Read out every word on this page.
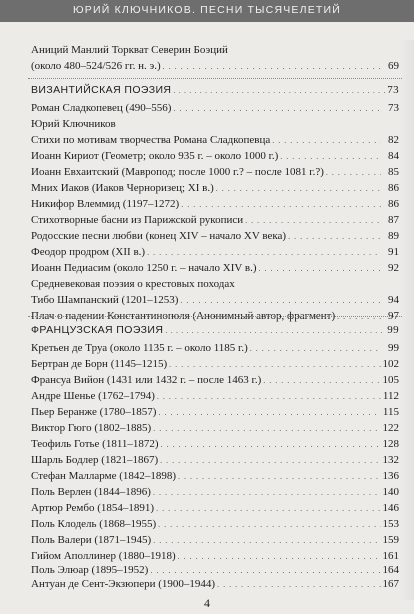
ЮРИЙ КЛЮЧНИКОВ. ПЕСНИ ТЫСЯЧЕЛЕТИЙ
Аниций Манлий Торкват Северин Боэций
(около 480–524/526 гг. н. э.) . . .	69
ВИЗАНТИЙСКАЯ ПОЭЗИЯ . . .	73
Роман Сладкопевец (490–556) . . .	73
Юрий Ключников
Стихи по мотивам творчества Романа Сладкопевца . . .	82
Иоанн Кириот (Геометр; около 935 г. – около 1000 г.) . . .	84
Иоанн Евхаитский (Мавропод; после 1000 г.? – после 1081 г.?) . . .	85
Мних Иаков (Иаков Черноризец; XI в.) . . .	86
Никифор Влеммид (1197–1272) . . .	86
Стихотворные басни из Парижской рукописи . . .	87
Родосские песни любви (конец XIV – начало XV века) . . .	89
Феодор продром (XII в.) . . .	91
Иоанн Педиасим (около 1250 г. – начало XIV в.) . . .	92
Средневековая поэзия о крестовых походах
Тибо Шампанский (1201–1253) . . .	94
Плач о падении Константинополя (Анонимный автор, фрагмент) . . .	97
ФРАНЦУЗСКАЯ ПОЭЗИЯ . . .	99
Кретьен де Труа (около 1135 г. – около 1185 г.) . . .	99
Бертран де Борн (1145–1215) . . .	102
Франсуа Вийон (1431 или 1432 г. – после 1463 г.) . . .	105
Андре Шенье (1762–1794) . . .	112
Пьер Беранже (1780–1857) . . .	115
Виктор Гюго (1802–1885) . . .	122
Теофиль Готье (1811–1872) . . .	128
Шарль Бодлер (1821–1867) . . .	132
Стефан Малларме (1842–1898) . . .	136
Поль Верлен (1844–1896) . . .	140
Артюр Рембо (1854–1891) . . .	146
Поль Клодель (1868–1955) . . .	153
Поль Валери (1871–1945) . . .	159
Гийом Аполлинер (1880–1918) . . .	161
Поль Элюар (1895–1952) . . .	164
Антуан де Сент-Экзюпери (1900–1944) . . .	167
4
